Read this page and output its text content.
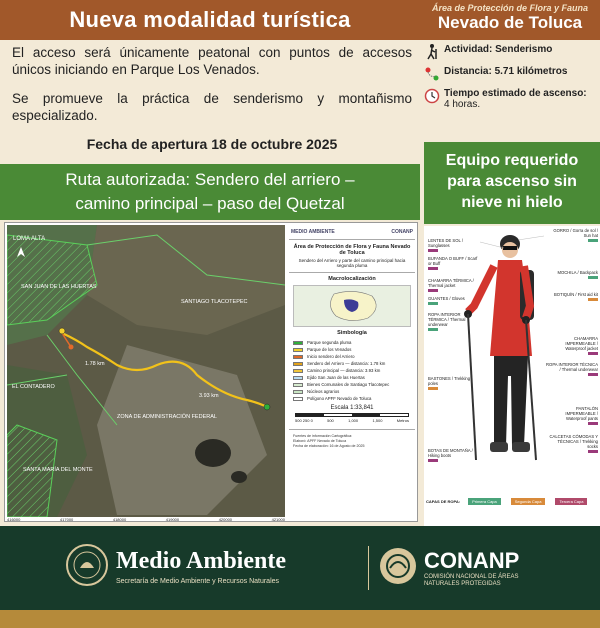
Nueva modalidad turística	Área de Protección de Flora y Fauna
Nevado de Toluca

El acceso será únicamente peatonal con puntos de accesos únicos iniciando en Parque Los Venados.

Se promueve la práctica de senderismo y montañismo especializado.

Fecha de apertura 18 de octubre 2025
Actividad: Senderismo
Distancia: 5.71 kilómetros
Tiempo estimado de ascenso:
4 horas.
Ruta autorizada: Sendero del arriero –
camino principal – paso del Quetzal
Equipo requerido
para ascenso sin
nieve ni hielo
LOMA ALTA
SAN JUAN DE LAS HUERTAS
SANTIAGO TLACOTEPEC
EL CONTADERO
ZONA DE ADMINISTRACIÓN FEDERAL
SANTA MARÍA DEL MONTE
1.78 km
3.93 km
MEDIO AMBIENTE	CONANP
Área de Protección de Flora y Fauna Nevado de Toluca
Sendero del Arriero y parte del camino principal hacia segunda pluma
Macrolocalización
Simbología
Parque segunda pluma
Parque de los Venados
Inicio sendero del Arriero
Sendero del Arriero — distancia: 1.78 km
Camino principal — distancia: 3.93 km
Ejido San Juan de las Huertas
Bienes Comunales de Santiago Tlacotepec
Núcleos agrarios
Polígono APFF Nevado de Toluca
Escala 1:33,841
500 250 0	500	1,000	1,500	Metros
Fuentes de información Cartográfica:
Elaboró: APFF Nevado de Toluca
Fecha de elaboración: 16 de Agosto de 2025
416000	417000	418000	419000	420000	421000
LENTES DE SOL / Sunglasses
BUFANDA O BUFF / Scarf or Buff
CHAMARRA TÉRMICA / Thermal jacket
GUANTES / Gloves
ROPA INTERIOR TÉRMICA / Thermal underwear
BASTONES / Trekking poles
BOTAS DE MONTAÑA / Hiking boots
GORRO / Gorra de sol / Sun hat
MOCHILA / Backpack
BOTIQUÍN / First aid kit
CHAMARRA IMPERMEABLE / Waterproof jacket
ROPA INTERIOR TÉCNICA / Thermal underwear
PANTALÓN IMPERMEABLE / Waterproof pants
CALCETAS CÓMODAS Y TÉCNICAS / Trekking socks
CAPAS DE ROPA:	Primera Capa	Segunda Capa	Tercera Capa
Medio Ambiente
Secretaría de Medio Ambiente y Recursos Naturales
CONANP
COMISIÓN NACIONAL DE ÁREAS NATURALES PROTEGIDAS
